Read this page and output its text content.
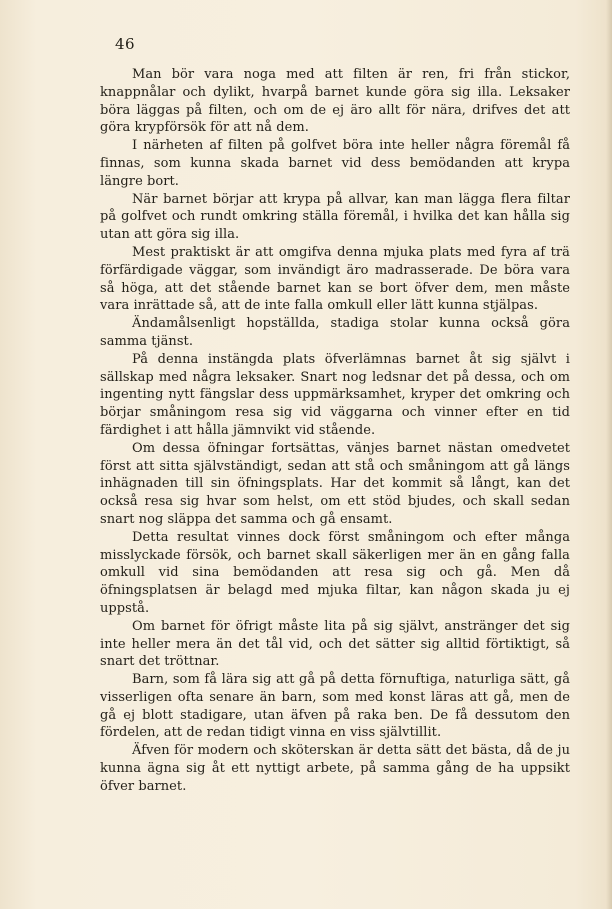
46

Man bör vara noga med att filten är ren, fri från stickor, knappnålar och dylikt, hvarpå barnet kunde göra sig illa. Leksaker böra läggas på filten, och om de ej äro allt för nära, drifves det att göra krypförsök för att nå dem.

I närheten af filten på golfvet böra inte heller några föremål få finnas, som kunna skada barnet vid dess bemödanden att krypa längre bort.

När barnet börjar att krypa på allvar, kan man lägga flera filtar på golfvet och rundt omkring ställa föremål, i hvilka det kan hålla sig utan att göra sig illa.

Mest praktiskt är att omgifva denna mjuka plats med fyra af trä förfärdigade väggar, som invändigt äro madrasserade. De böra vara så höga, att det stående barnet kan se bort öfver dem, men måste vara inrättade så, att de inte falla omkull eller lätt kunna stjälpas.

Ändamålsenligt hopställda, stadiga stolar kunna också göra samma tjänst.

På denna instängda plats öfverlämnas barnet åt sig självt i sällskap med några leksaker. Snart nog ledsnar det på dessa, och om ingenting nytt fängslar dess uppmärksamhet, kryper det omkring och börjar småningom resa sig vid väggarna och vinner efter en tid färdighet i att hålla jämnvikt vid stående.

Om dessa öfningar fortsättas, vänjes barnet nästan omedvetet först att sitta självständigt, sedan att stå och småningom att gå längs inhägnaden till sin öfningsplats. Har det kommit så långt, kan det också resa sig hvar som helst, om ett stöd bjudes, och skall sedan snart nog släppa det samma och gå ensamt.

Detta resultat vinnes dock först småningom och efter många misslyckade försök, och barnet skall säkerligen mer än en gång falla omkull vid sina bemödanden att resa sig och gå. Men då öfningsplatsen är belagd med mjuka filtar, kan någon skada ju ej uppstå.

Om barnet för öfrigt måste lita på sig självt, anstränger det sig inte heller mera än det tål vid, och det sätter sig alltid förtiktigt, så snart det tröttnar.

Barn, som få lära sig att gå på detta förnuftiga, naturliga sätt, gå visserligen ofta senare än barn, som med konst läras att gå, men de gå ej blott stadigare, utan äfven på raka ben. De få dessutom den fördelen, att de redan tidigt vinna en viss självtillit.

Äfven för modern och sköterskan är detta sätt det bästa, då de ju kunna ägna sig åt ett nyttigt arbete, på samma gång de ha uppsikt öfver barnet.
